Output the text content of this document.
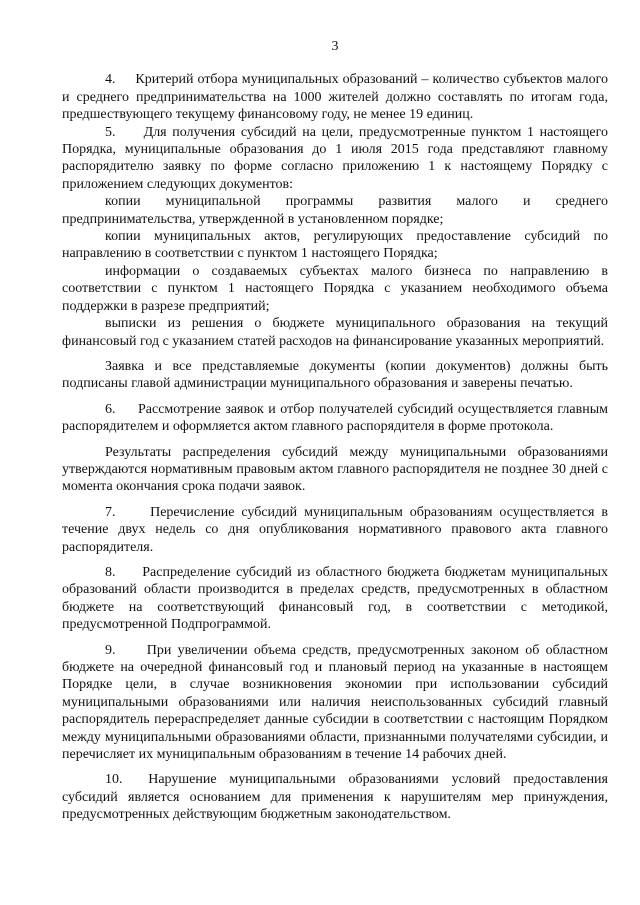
3

4.     Критерий отбора муниципальных образований – количество субъектов малого и среднего предпринимательства на 1000 жителей должно составлять по итогам года, предшествующего текущему финансовому году, не менее 19 единиц.

5.     Для получения субсидий на цели, предусмотренные пунктом 1 настоящего Порядка, муниципальные образования до 1 июля 2015 года представляют главному распорядителю заявку по форме согласно приложению 1 к настоящему Порядку с приложением следующих документов:

копии муниципальной программы развития малого и среднего предпринимательства, утвержденной в установленном порядке;

копии муниципальных актов, регулирующих предоставление субсидий по направлению в соответствии с пунктом 1 настоящего Порядка;

информации о создаваемых субъектах малого бизнеса по направлению в соответствии с пунктом 1 настоящего Порядка с указанием необходимого объема поддержки в разрезе предприятий;

выписки из решения о бюджете муниципального образования на текущий финансовый год с указанием статей расходов на финансирование указанных мероприятий.

Заявка и все представляемые документы (копии документов) должны быть подписаны главой администрации муниципального образования и заверены печатью.

6.     Рассмотрение заявок и отбор получателей субсидий осуществляется главным распорядителем и оформляется актом главного распорядителя в форме протокола.

Результаты распределения субсидий между муниципальными образованиями утверждаются нормативным правовым актом главного распорядителя не позднее 30 дней с момента окончания срока подачи заявок.

7.     Перечисление субсидий муниципальным образованиям осуществляется в течение двух недель со дня опубликования нормативного правового акта главного распорядителя.

8.     Распределение субсидий из областного бюджета бюджетам муниципальных образований области производится в пределах средств, предусмотренных в областном бюджете на соответствующий финансовый год, в соответствии с методикой, предусмотренной Подпрограммой.

9.     При увеличении объема средств, предусмотренных законом об областном бюджете на очередной финансовый год и плановый период на указанные в настоящем Порядке цели, в случае возникновения экономии при использовании субсидий муниципальными образованиями или наличия неиспользованных субсидий главный распорядитель перераспределяет данные субсидии в соответствии с настоящим Порядком между муниципальными образованиями области, признанными получателями субсидии, и перечисляет их муниципальным образованиям в течение 14 рабочих дней.

10.  Нарушение муниципальными образованиями условий предоставления субсидий является основанием для применения к нарушителям мер принуждения, предусмотренных действующим бюджетным законодательством.
